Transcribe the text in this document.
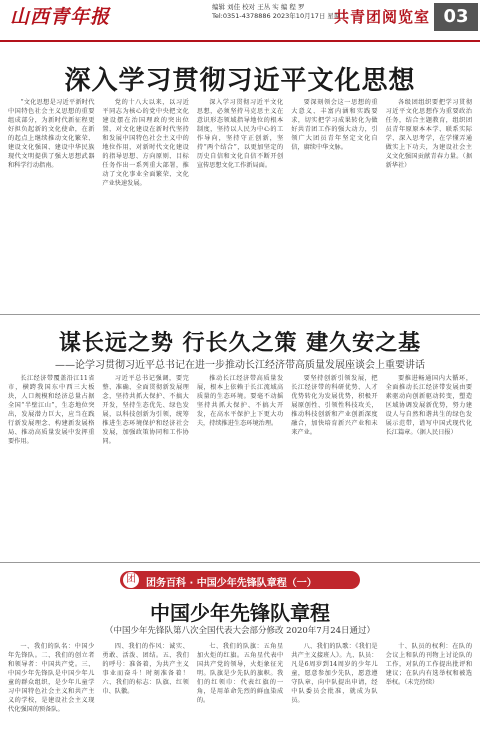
山西青年报	编辑 刘佳 校对 王丛 实 编 程 罗
Tel:0351-4378886 2023年10月17日 星期二
共青团阅览室 03
深入学习贯彻习近平文化思想

“文化思想是习近平新时代中国特色社会主义思想的重要组成部分，为新时代新征程更好担负起新的文化使命，在新的起点上继续推动文化繁荣、建设文化强国、建设中华民族现代文明提供了强大思想武器和科学行动指南。

党的十八大以来，以习近平同志为核心的党中央把文化建设摆在治国理政的突出位置，对文化建设在新时代坚持和发展中国特色社会主义中的地位作用，对新时代文化建设的指导思想、方向原则、目标任务作出一系列重大部署，推动了文化事业全面繁荣、文化产业快速发展。

深入学习贯彻习近平文化思想，必须坚持马克思主义在意识形态领域指导地位的根本制度，坚持以人民为中心的工作导向，坚持守正创新，坚持“两个结合”，以更加坚定的历史自信和文化自信不断开创宣传思想文化工作新局面。

要深刻领会这一思想的重大意义、丰富内涵和实践要求，切实把学习成果转化为做好共青团工作的强大动力，引领广大团员青年坚定文化自信，赓续中华文脉。

各级团组织要把学习贯彻习近平文化思想作为重要政治任务，结合主题教育，组织团员青年原原本本学、联系实际学、深入思考学，在学懂弄通做实上下功夫，为建设社会主义文化强国贡献青春力量。（据新华社）

谋长远之势 行长久之策 建久安之基
——论学习贯彻习近平总书记在进一步推动长江经济带高质量发展座谈会上重要讲话

长江经济带覆盖沿江11省市，横跨我国东中西三大板块，人口规模和经济总量占据全国“半壁江山”，生态地位突出，发展潜力巨大，应当在践行新发展理念、构建新发展格局、推动高质量发展中发挥重要作用。

习近平总书记强调，要完整、准确、全面贯彻新发展理念，坚持共抓大保护、不搞大开发，坚持生态优先、绿色发展，以科技创新为引领，统筹推进生态环境保护和经济社会发展，加强政策协同和工作协同。

推动长江经济带高质量发展，根本上依赖于长江流域高质量的生态环境。要毫不动摇坚持共抓大保护、不搞大开发，在高水平保护上下更大功夫，持续推进生态环境治理。

要坚持创新引领发展，把长江经济带的科研优势、人才优势转化为发展优势，积极开展原创性、引领性科技攻关，推动科技创新和产业创新深度融合，加快培育新兴产业和未来产业。

要推进畅通国内大循环，全面推动长江经济带发展由要素驱动向创新驱动转变，塑造区域协调发展新优势，努力建设人与自然和谐共生的绿色发展示范带，谱写中国式现代化长江篇章。（据人民日报）

团	团务百科 · 中国少年先锋队章程（一）
中国少年先锋队章程
（中国少年先锋队第八次全国代表大会部分修改 2020年7月24日通过）

一、我们的队名：中国少年先锋队。二、我们的创立者和领导者：中国共产党。三、中国少年先锋队是中国少年儿童的群众组织，是少年儿童学习中国特色社会主义和共产主义的学校，是建设社会主义现代化强国的预备队。

四、我们的作风：诚实、勇敢、活泼、团结。五、我们的呼号：准备着，为共产主义事业而奋斗！时刻准备着！六、我们的标志：队旗、红领巾、队徽。

七、我们的队旗：五角星加火炬的红旗。五角星代表中国共产党的领导，火炬象征光明。队旗是少先队的旗帜。我们的红领巾：代表红旗的一角，是用革命先烈的鲜血染成的。

八、我们的队歌：《我们是共产主义接班人》。九、队员：凡是6周岁到14周岁的少年儿童，愿意参加少先队，愿意遵守队章，向中队提出申请，经中队委员会批准，就成为队员。

十、队员的权利：在队的会议上和队的刊物上讨论队的工作，对队的工作提出批评和建议；在队内有选举权和被选举权。（未完待续）
